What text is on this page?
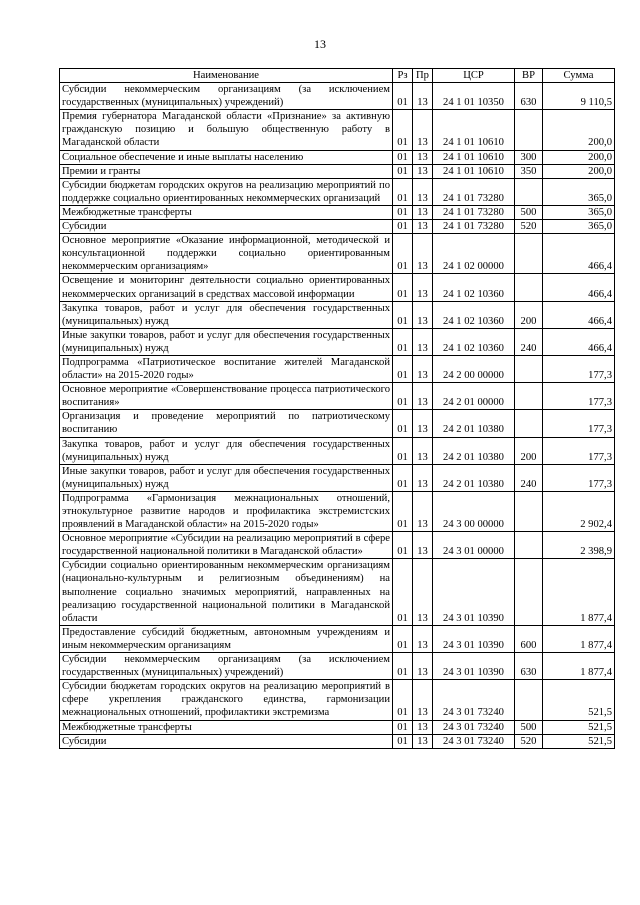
13
Наименование	Рз	Пр	ЦСР	ВР	Сумма
Субсидии некоммерческим организациям (за исключением государственных (муниципальных) учреждений)	01	13	24 1 01 10350	630	9 110,5
Премия губернатора Магаданской области «Признание» за активную гражданскую позицию и большую общественную работу в Магаданской области	01	13	24 1 01 10610		200,0
Социальное обеспечение и иные выплаты населению	01	13	24 1 01 10610	300	200,0
Премии и гранты	01	13	24 1 01 10610	350	200,0
Субсидии бюджетам городских округов на реализацию мероприятий по поддержке социально ориентированных некоммерческих организаций	01	13	24 1 01 73280		365,0
Межбюджетные трансферты	01	13	24 1 01 73280	500	365,0
Субсидии	01	13	24 1 01 73280	520	365,0
Основное мероприятие «Оказание информационной, методической и консультационной поддержки социально ориентированным некоммерческим организациям»	01	13	24 1 02 00000		466,4
Освещение и мониторинг деятельности социально ориентированных некоммерческих организаций в средствах массовой информации	01	13	24 1 02 10360		466,4
Закупка товаров, работ и услуг для обеспечения государственных (муниципальных) нужд	01	13	24 1 02 10360	200	466,4
Иные закупки товаров, работ и услуг для обеспечения государственных (муниципальных) нужд	01	13	24 1 02 10360	240	466,4
Подпрограмма «Патриотическое воспитание жителей Магаданской области» на 2015-2020 годы»	01	13	24 2 00 00000		177,3
Основное мероприятие «Совершенствование процесса патриотического воспитания»	01	13	24 2 01 00000		177,3
Организация и проведение мероприятий по патриотическому воспитанию	01	13	24 2 01 10380		177,3
Закупка товаров, работ и услуг для обеспечения государственных (муниципальных) нужд	01	13	24 2 01 10380	200	177,3
Иные закупки товаров, работ и услуг для обеспечения государственных (муниципальных) нужд	01	13	24 2 01 10380	240	177,3
Подпрограмма «Гармонизация межнациональных отношений, этнокультурное развитие народов и профилактика экстремистских проявлений в Магаданской области» на 2015-2020 годы»	01	13	24 3 00 00000		2 902,4
Основное мероприятие «Субсидии на реализацию мероприятий в сфере государственной национальной политики в Магаданской области»	01	13	24 3 01 00000		2 398,9
Субсидии социально ориентированным некоммерческим организациям (национально-культурным и религиозным объединениям) на выполнение социально значимых мероприятий, направленных на реализацию государственной национальной политики в Магаданской области	01	13	24 3 01 10390		1 877,4
Предоставление субсидий бюджетным, автономным учреждениям и иным некоммерческим организациям	01	13	24 3 01 10390	600	1 877,4
Субсидии некоммерческим организациям (за исключением государственных (муниципальных) учреждений)	01	13	24 3 01 10390	630	1 877,4
Субсидии бюджетам городских округов на реализацию мероприятий в сфере укрепления гражданского единства, гармонизации межнациональных отношений, профилактики экстремизма	01	13	24 3 01 73240		521,5
Межбюджетные трансферты	01	13	24 3 01 73240	500	521,5
Субсидии	01	13	24 3 01 73240	520	521,5
